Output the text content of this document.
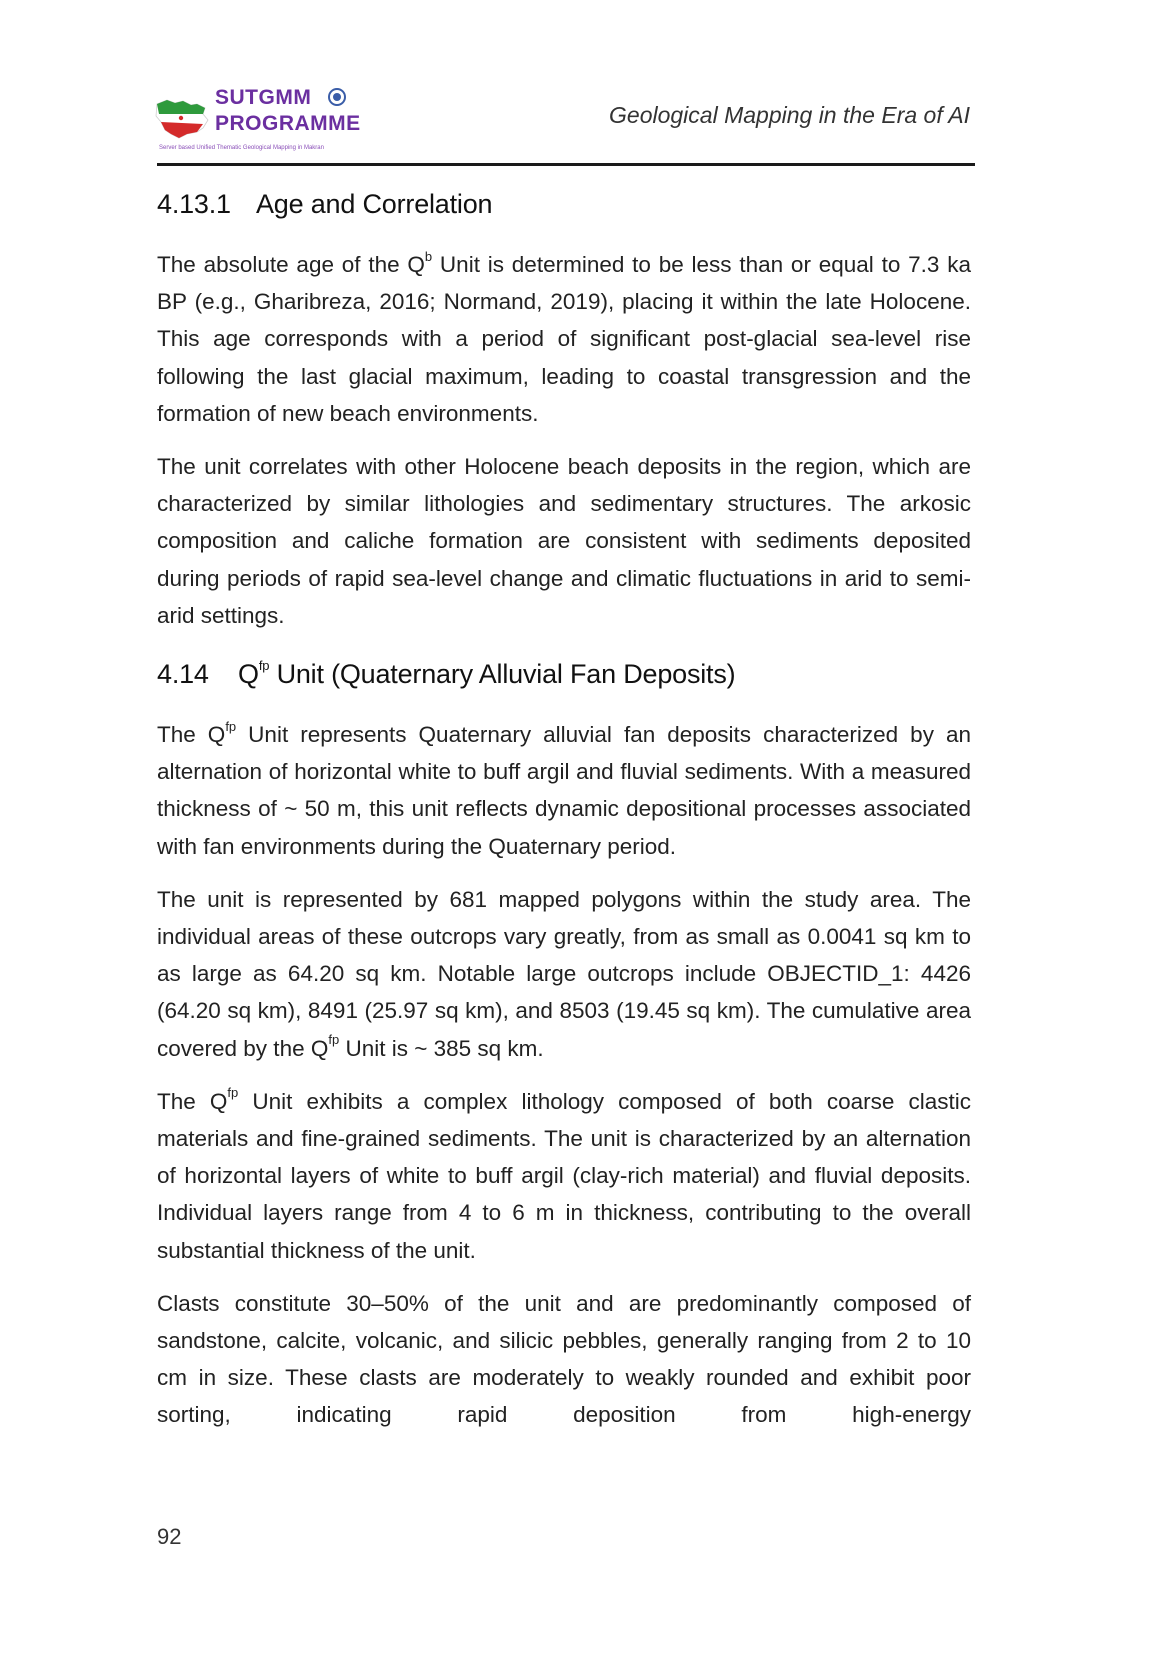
SUTGMM
PROGRAMME
Server based Unified Thematic Geological Mapping in Makran
Geological Mapping in the Era of AI
4.13.1 Age and Correlation

The absolute age of the $Q^b$ Unit is determined to be less than or equal to 7.3 ka BP (e.g., Gharibreza, 2016; Normand, 2019), placing it within the late Holocene. This age corresponds with a period of significant post-glacial sea-level rise following the last glacial maximum, leading to coastal transgression and the formation of new beach environments.

The unit correlates with other Holocene beach deposits in the region, which are characterized by similar lithologies and sedimentary structures. The arkosic composition and caliche formation are consistent with sediments deposited during periods of rapid sea-level change and climatic fluctuations in arid to semi-arid settings.

4.14 $Q^{fp}$ Unit (Quaternary Alluvial Fan Deposits)

The $Q^{fp}$ Unit represents Quaternary alluvial fan deposits characterized by an alternation of horizontal white to buff argil and fluvial sediments. With a measured thickness of ~ 50 m, this unit reflects dynamic depositional processes associated with fan environments during the Quaternary period.

The unit is represented by 681 mapped polygons within the study area. The individual areas of these outcrops vary greatly, from as small as 0.0041 sq km to as large as 64.20 sq km. Notable large outcrops include OBJECTID_1: 4426 (64.20 sq km), 8491 (25.97 sq km), and 8503 (19.45 sq km). The cumulative area covered by the $Q^{fp}$ Unit is ~ 385 sq km.

The $Q^{fp}$ Unit exhibits a complex lithology composed of both coarse clastic materials and fine-grained sediments. The unit is characterized by an alternation of horizontal layers of white to buff argil (clay-rich material) and fluvial deposits. Individual layers range from 4 to 6 m in thickness, contributing to the overall substantial thickness of the unit.

Clasts constitute 30–50% of the unit and are predominantly composed of sandstone, calcite, volcanic, and silicic pebbles, generally ranging from 2 to 10 cm in size. These clasts are moderately to weakly rounded and exhibit poor sorting, indicating rapid deposition from high-energy

92
